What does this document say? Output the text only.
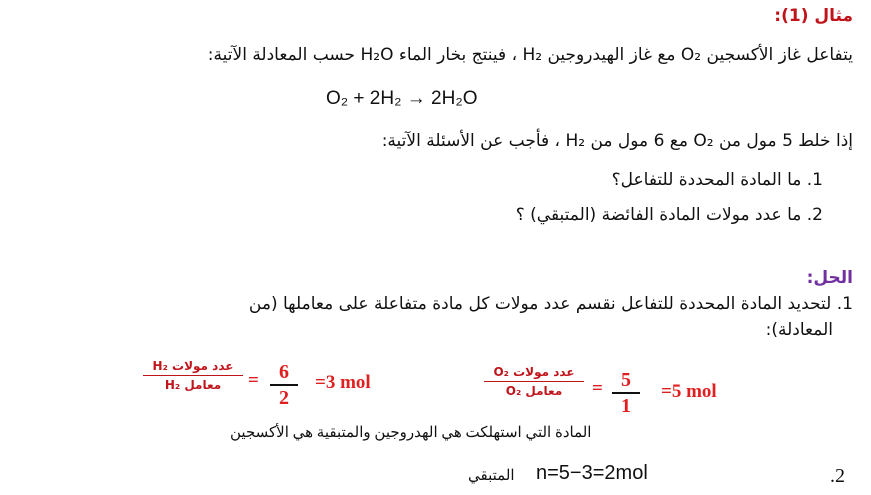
مثال (1):
يتفاعل غاز الأكسجين O₂ مع غاز الهيدروجين H₂ ، فينتج بخار الماء H₂O حسب المعادلة الآتية:
O₂ + 2H₂ → 2H₂O
إذا خلط 5 مول من O₂ مع 6 مول من H₂ ، فأجب عن الأسئلة الآتية:
1. ما المادة المحددة للتفاعل؟
2. ما عدد مولات المادة الفائضة (المتبقي) ؟
الحل:
1. لتحديد المادة المحددة للتفاعل نقسم عدد مولات كل مادة متفاعلة على معاملها (من
المعادلة):
عدد مولات H₂
معامل H₂	=	6
2
=3 mol	عدد مولات O₂
معامل O₂	= 5
1
=5 mol
المادة التي استهلكت هي الهدروجين والمتبقية هي الأكسجين
.2
n=5−3=2mol
المتبقي
